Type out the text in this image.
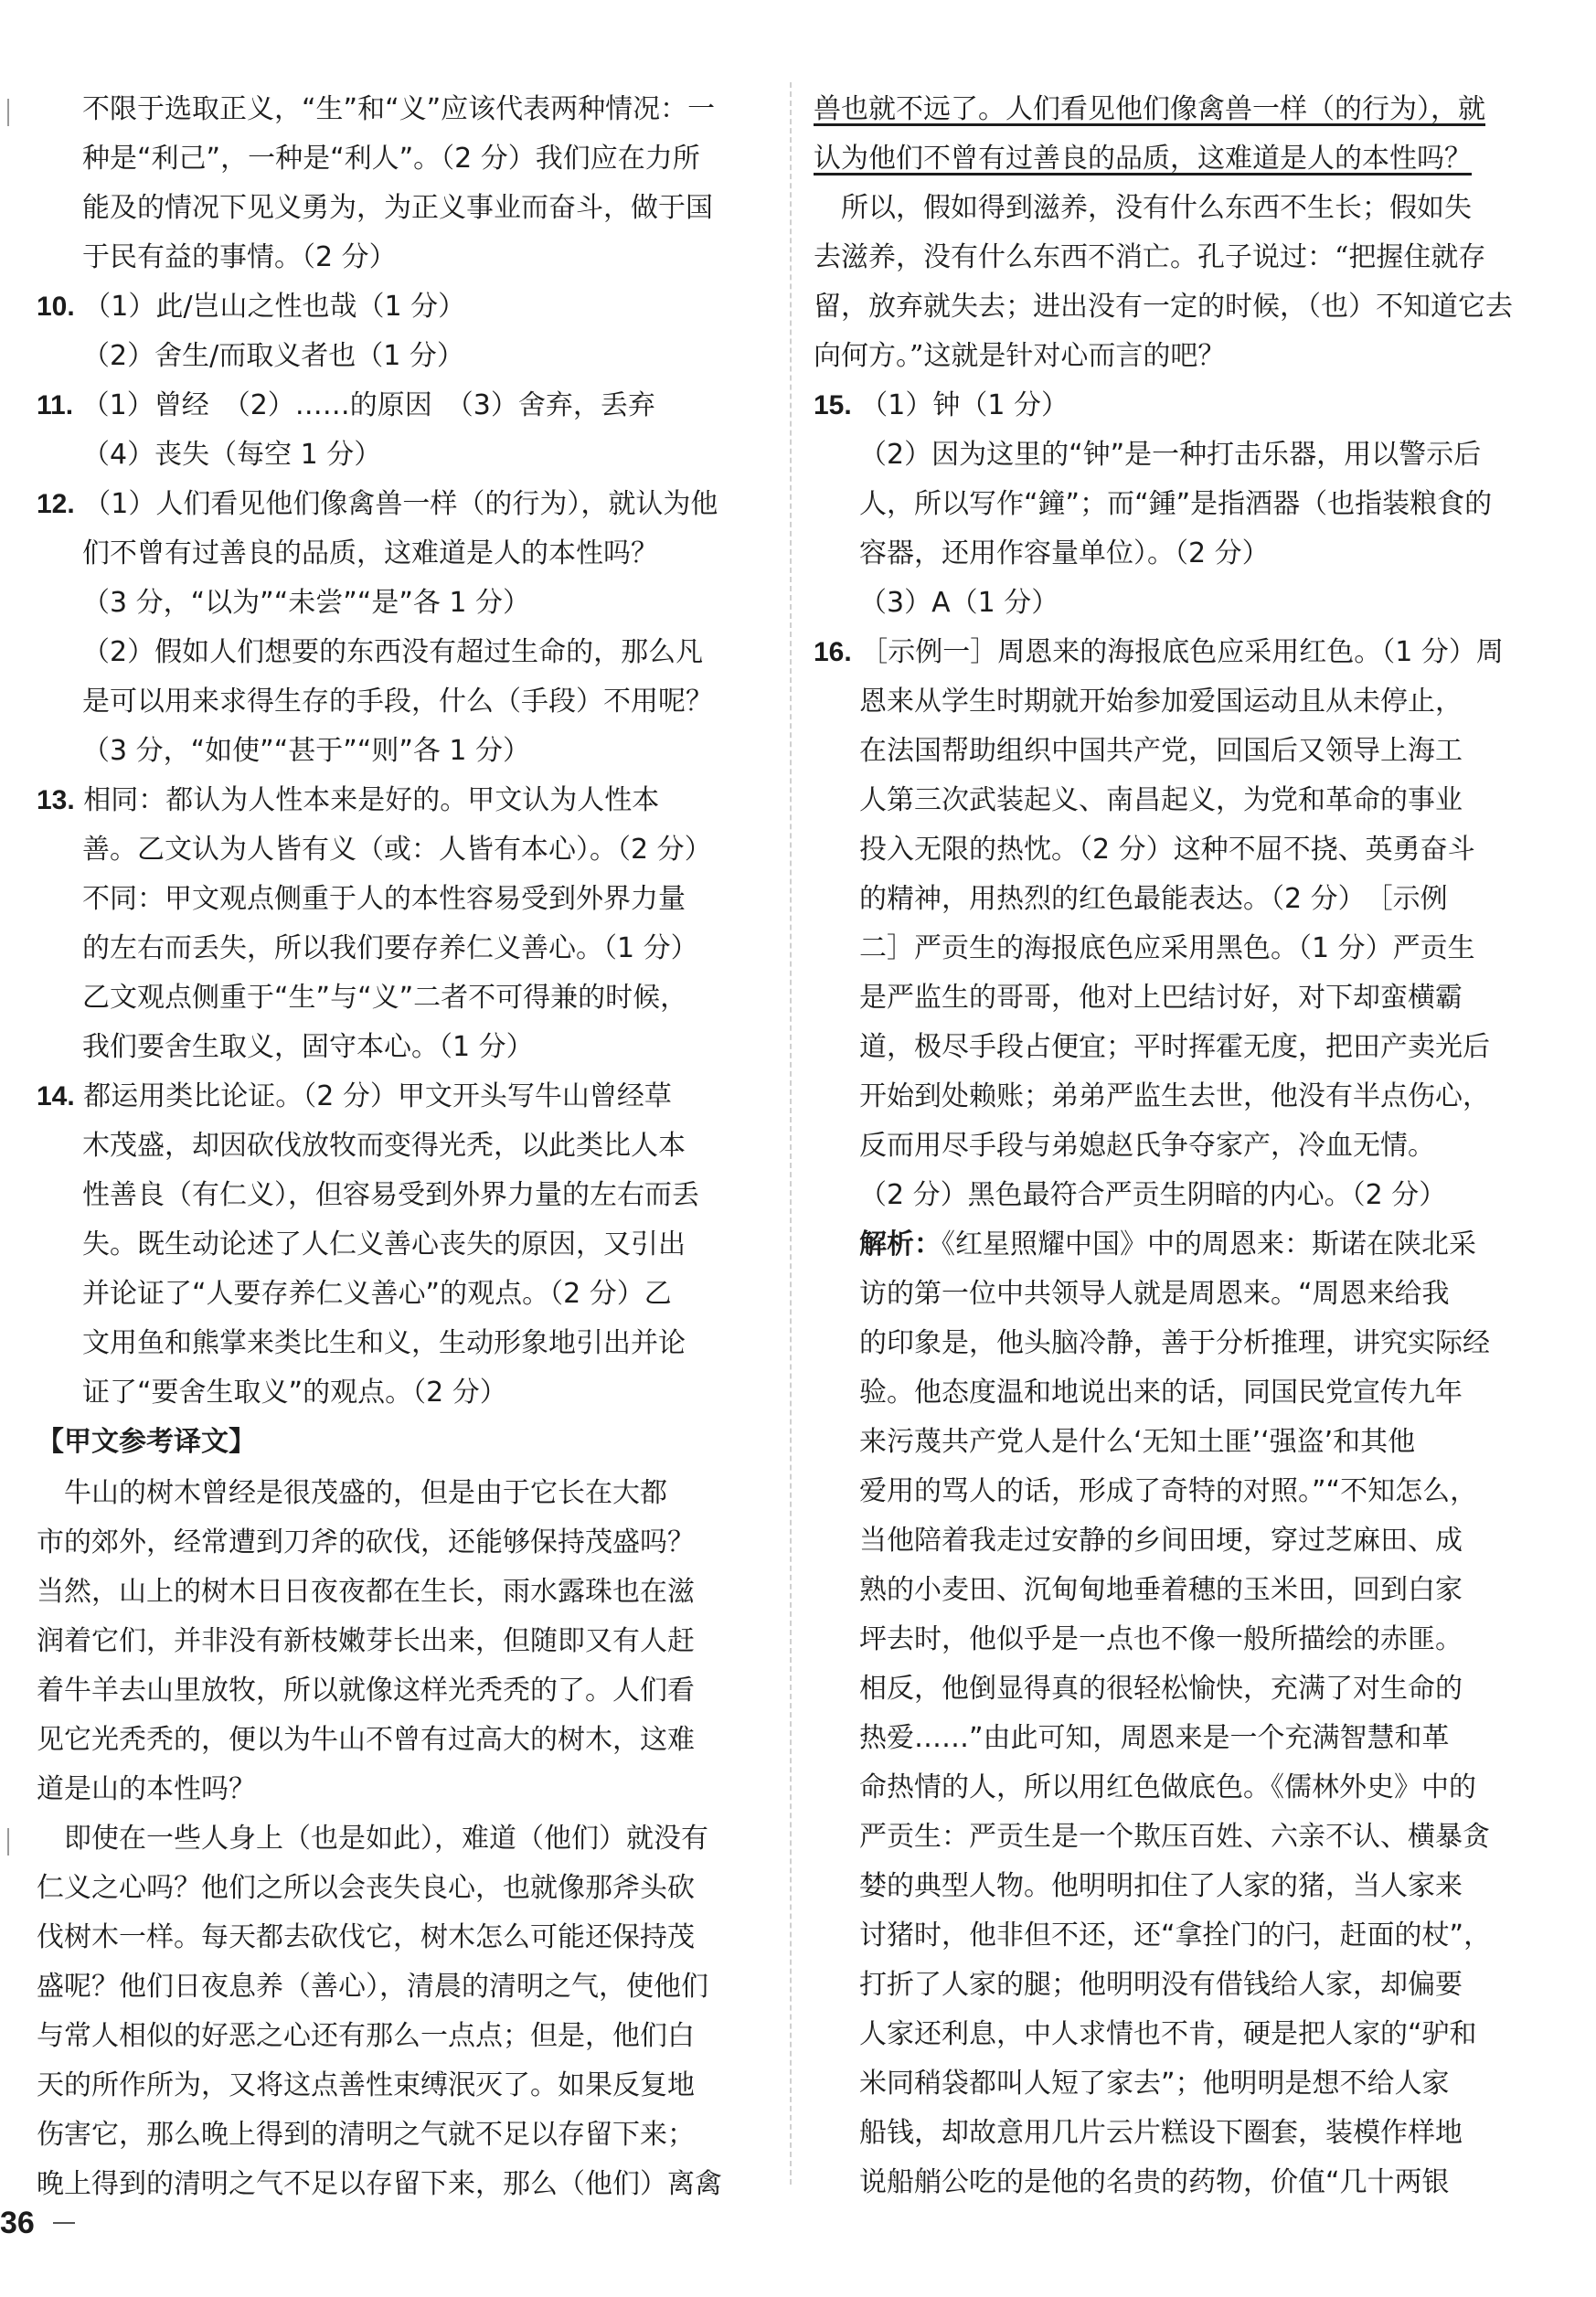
不限于选取正义，“生”和“义”应该代表两种情况：一
种是“利己”，一种是“利人”。（2 分）我们应在力所
能及的情况下见义勇为，为正义事业而奋斗，做于国
于民有益的事情。（2 分）
10. （1）此/岂山之性也哉（1 分）
（2）舍生/而取义者也（1 分）
11. （1）曾经　（2）……的原因　（3）舍弃，丢弃
（4）丧失（每空 1 分）
12. （1）人们看见他们像禽兽一样（的行为），就认为他
们不曾有过善良的品质，这难道是人的本性吗？
（3 分，“以为”“未尝”“是”各 1 分）
（2）假如人们想要的东西没有超过生命的，那么凡
是可以用来求得生存的手段，什么（手段）不用呢？
（3 分，“如使”“甚于”“则”各 1 分）
13. 相同：都认为人性本来是好的。甲文认为人性本
善。乙文认为人皆有义（或：人皆有本心）。（2 分）
不同：甲文观点侧重于人的本性容易受到外界力量
的左右而丢失，所以我们要存养仁义善心。（1 分）
乙文观点侧重于“生”与“义”二者不可得兼的时候，
我们要舍生取义，固守本心。（1 分）
14. 都运用类比论证。（2 分）甲文开头写牛山曾经草
木茂盛，却因砍伐放牧而变得光秃，以此类比人本
性善良（有仁义），但容易受到外界力量的左右而丢
失。既生动论述了人仁义善心丧失的原因，又引出
并论证了“人要存养仁义善心”的观点。（2 分）乙
文用鱼和熊掌来类比生和义，生动形象地引出并论
证了“要舍生取义”的观点。（2 分）
【甲文参考译文】
　牛山的树木曾经是很茂盛的，但是由于它长在大都
市的郊外，经常遭到刀斧的砍伐，还能够保持茂盛吗？
当然，山上的树木日日夜夜都在生长，雨水露珠也在滋
润着它们，并非没有新枝嫩芽长出来，但随即又有人赶
着牛羊去山里放牧，所以就像这样光秃秃的了。人们看
见它光秃秃的，便以为牛山不曾有过高大的树木，这难
道是山的本性吗？
　即使在一些人身上（也是如此），难道（他们）就没有
仁义之心吗？他们之所以会丧失良心，也就像那斧头砍
伐树木一样。每天都去砍伐它，树木怎么可能还保持茂
盛呢？他们日夜息养（善心），清晨的清明之气，使他们
与常人相似的好恶之心还有那么一点点；但是，他们白
天的所作所为，又将这点善性束缚泯灭了。如果反复地
伤害它，那么晚上得到的清明之气就不足以存留下来；
晚上得到的清明之气不足以存留下来，那么（他们）离禽
兽也就不远了。人们看见他们像禽兽一样（的行为），就
认为他们不曾有过善良的品质，这难道是人的本性吗？
　所以，假如得到滋养，没有什么东西不生长；假如失
去滋养，没有什么东西不消亡。孔子说过：“把握住就存
留，放弃就失去；进出没有一定的时候，（也）不知道它去
向何方。”这就是针对心而言的吧？
15. （1）钟（1 分）
（2）因为这里的“钟”是一种打击乐器，用以警示后
人，所以写作“鐘”；而“鍾”是指酒器（也指装粮食的
容器，还用作容量单位）。（2 分）
（3）A（1 分）
16. ［示例一］周恩来的海报底色应采用红色。（1 分）周
恩来从学生时期就开始参加爱国运动且从未停止，
在法国帮助组织中国共产党，回国后又领导上海工
人第三次武装起义、南昌起义，为党和革命的事业
投入无限的热忱。（2 分）这种不屈不挠、英勇奋斗
的精神，用热烈的红色最能表达。（2 分）　［示例
二］严贡生的海报底色应采用黑色。（1 分）严贡生
是严监生的哥哥，他对上巴结讨好，对下却蛮横霸
道，极尽手段占便宜；平时挥霍无度，把田产卖光后
开始到处赖账；弟弟严监生去世，他没有半点伤心，
反而用尽手段与弟媳赵氏争夺家产，冷血无情。
（2 分）黑色最符合严贡生阴暗的内心。（2 分）
解析：《红星照耀中国》中的周恩来：斯诺在陕北采
访的第一位中共领导人就是周恩来。“周恩来给我
的印象是，他头脑冷静，善于分析推理，讲究实际经
验。他态度温和地说出来的话，同国民党宣传九年
来污蔑共产党人是什么‘无知土匪’‘强盗’和其他
爱用的骂人的话，形成了奇特的对照。”“不知怎么，
当他陪着我走过安静的乡间田埂，穿过芝麻田、成
熟的小麦田、沉甸甸地垂着穗的玉米田，回到白家
坪去时，他似乎是一点也不像一般所描绘的赤匪。
相反，他倒显得真的很轻松愉快，充满了对生命的
热爱……”由此可知，周恩来是一个充满智慧和革
命热情的人，所以用红色做底色。《儒林外史》中的
严贡生：严贡生是一个欺压百姓、六亲不认、横暴贪
婪的典型人物。他明明扣住了人家的猪，当人家来
讨猪时，他非但不还，还“拿拴门的闩，赶面的杖”，
打折了人家的腿；他明明没有借钱给人家，却偏要
人家还利息，中人求情也不肯，硬是把人家的“驴和
米同稍袋都叫人短了家去”；他明明是想不给人家
船钱，却故意用几片云片糕设下圈套，装模作样地
说船艄公吃的是他的名贵的药物，价值“几十两银
36
